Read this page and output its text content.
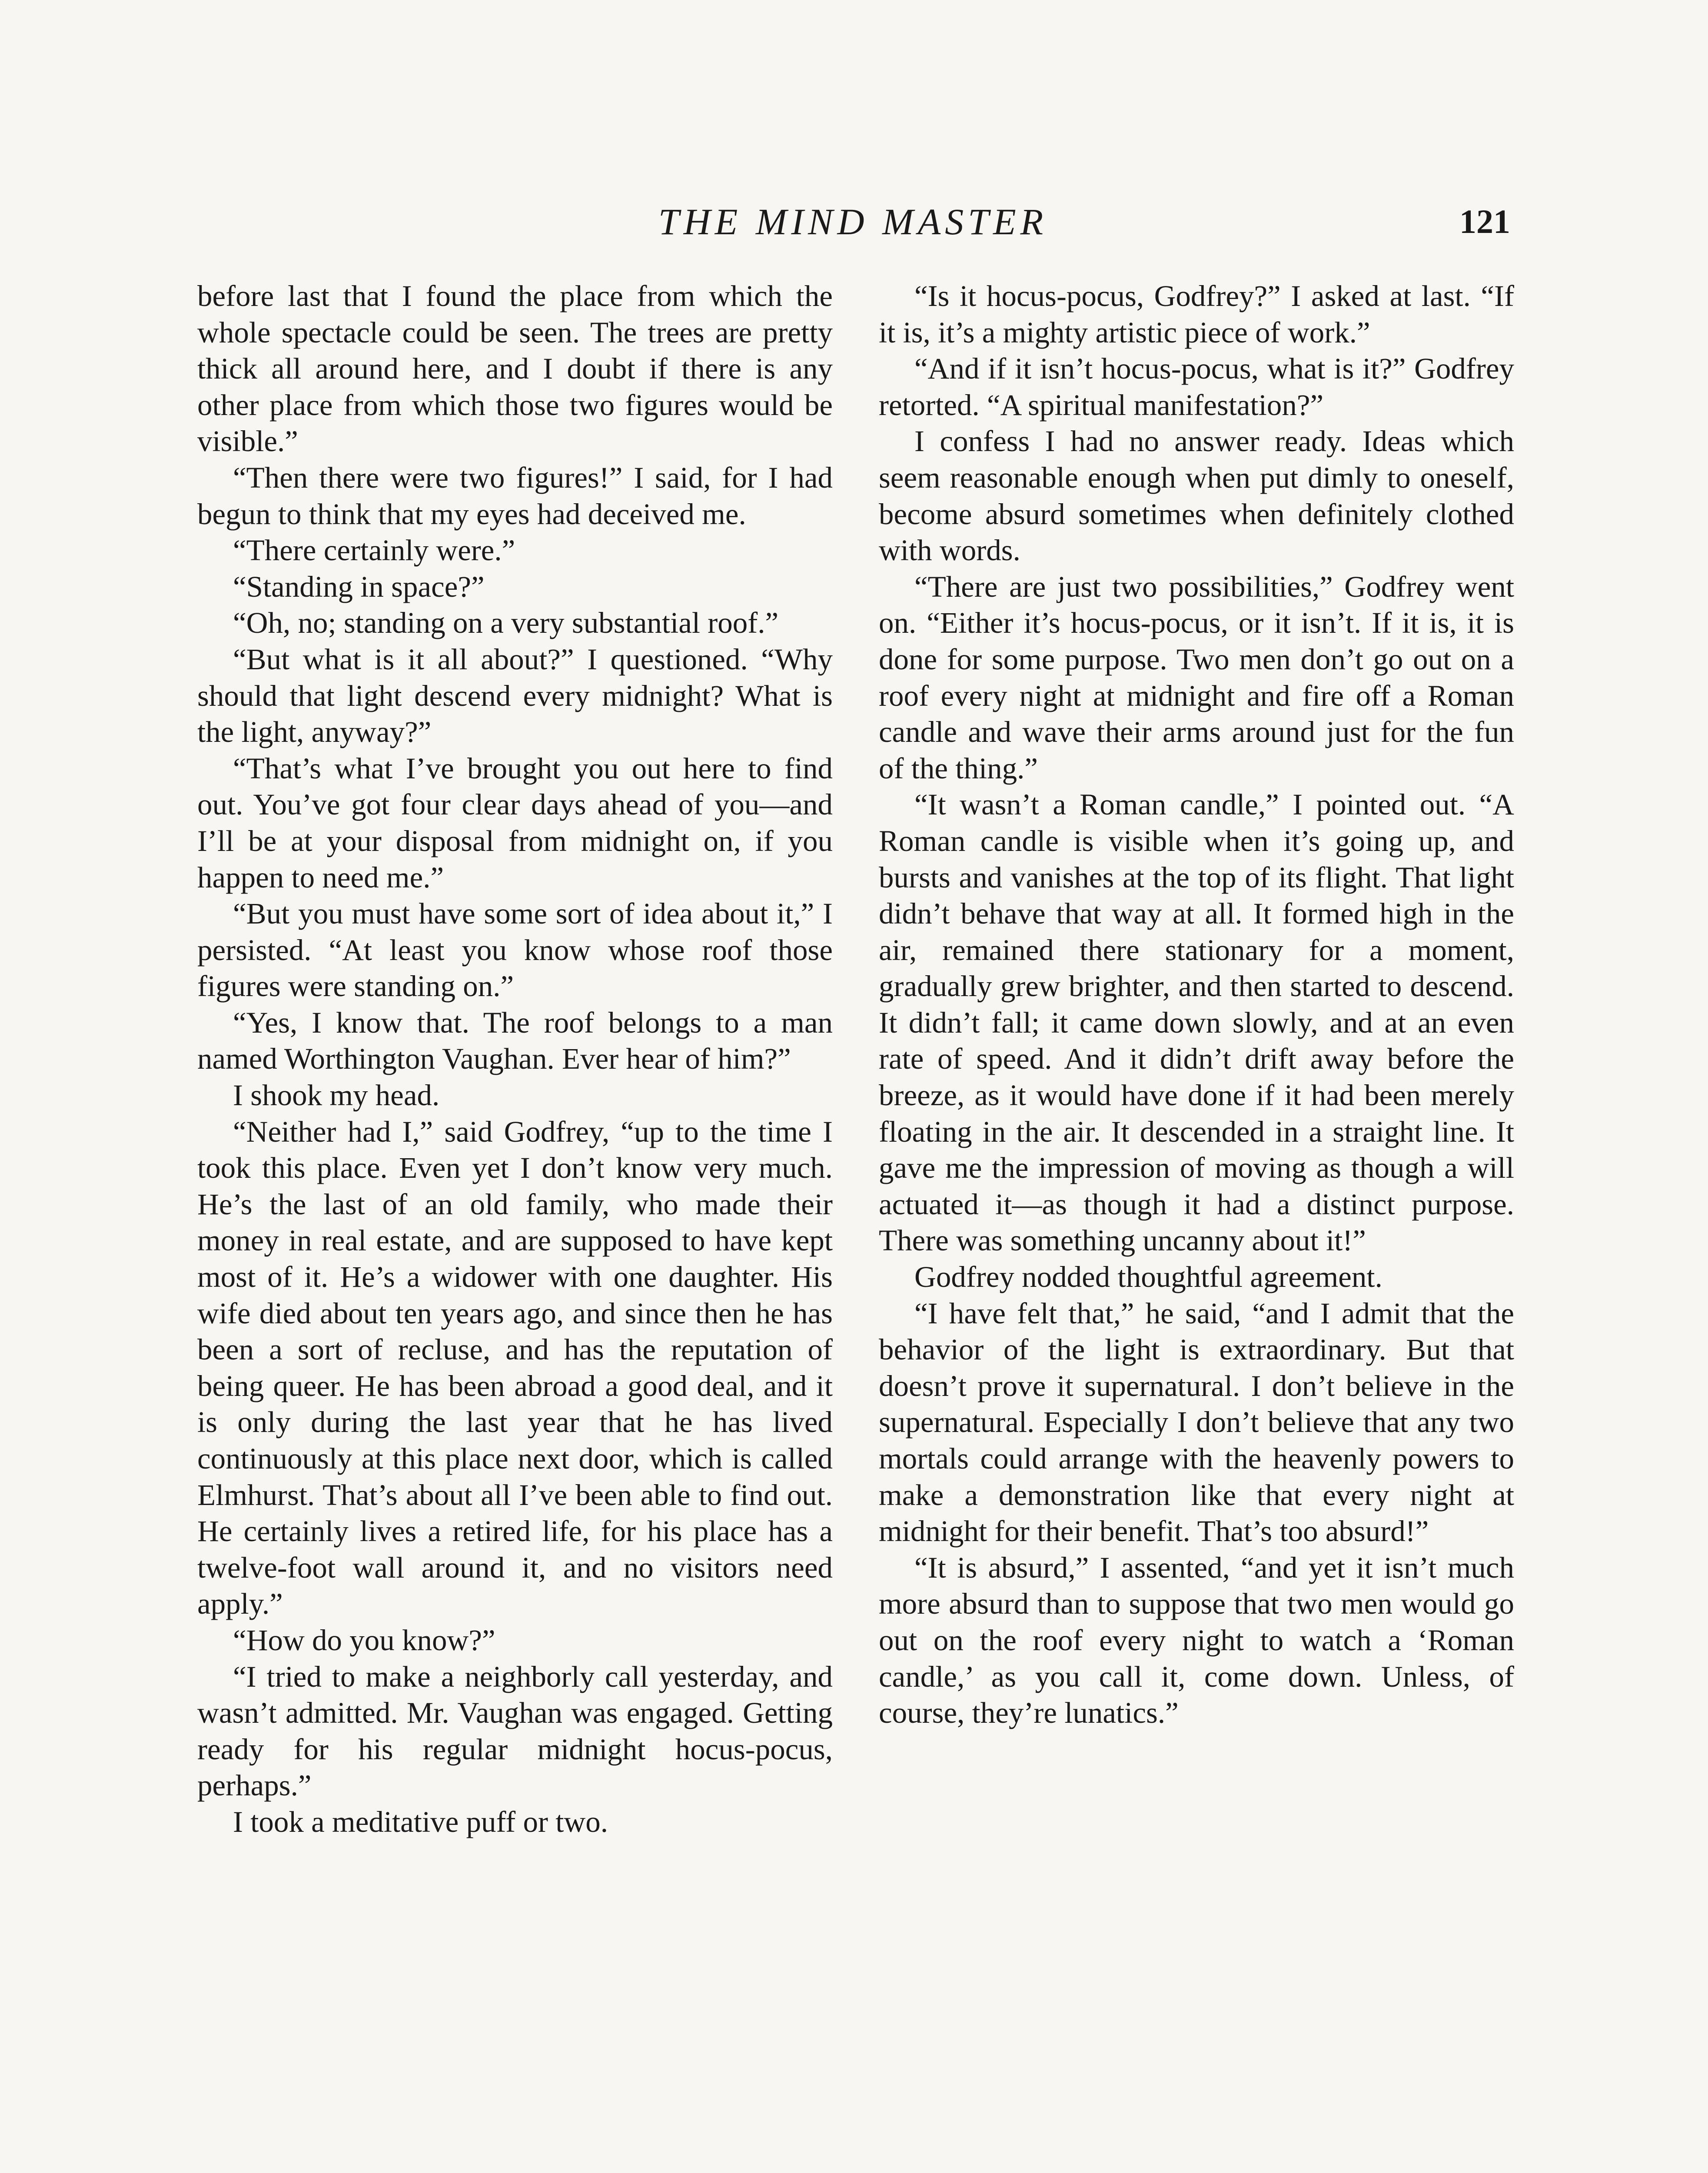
THE MIND MASTER	121

before last that I found the place from which the whole spectacle could be seen. The trees are pretty thick all around here, and I doubt if there is any other place from which those two figures would be visible.”

“Then there were two figures!” I said, for I had begun to think that my eyes had deceived me.

“There certainly were.”

“Standing in space?”

“Oh, no; standing on a very substantial roof.”

“But what is it all about?” I questioned. “Why should that light descend every midnight? What is the light, anyway?”

“That’s what I’ve brought you out here to find out. You’ve got four clear days ahead of you—and I’ll be at your disposal from midnight on, if you happen to need me.”

“But you must have some sort of idea about it,” I persisted. “At least you know whose roof those figures were standing on.”

“Yes, I know that. The roof belongs to a man named Worthington Vaughan. Ever hear of him?”

I shook my head.

“Neither had I,” said Godfrey, “up to the time I took this place. Even yet I don’t know very much. He’s the last of an old family, who made their money in real estate, and are supposed to have kept most of it. He’s a widower with one daughter. His wife died about ten years ago, and since then he has been a sort of recluse, and has the reputation of being queer. He has been abroad a good deal, and it is only during the last year that he has lived continuously at this place next door, which is called Elmhurst. That’s about all I’ve been able to find out. He certainly lives a retired life, for his place has a twelve-foot wall around it, and no visitors need apply.”

“How do you know?”

“I tried to make a neighborly call yesterday, and wasn’t admitted. Mr. Vaughan was engaged. Getting ready for his regular midnight hocus-pocus, perhaps.”

I took a meditative puff or two.

“Is it hocus-pocus, Godfrey?” I asked at last. “If it is, it’s a mighty artistic piece of work.”

“And if it isn’t hocus-pocus, what is it?” Godfrey retorted. “A spiritual manifestation?”

I confess I had no answer ready. Ideas which seem reasonable enough when put dimly to oneself, become absurd sometimes when definitely clothed with words.

“There are just two possibilities,” Godfrey went on. “Either it’s hocus-pocus, or it isn’t. If it is, it is done for some purpose. Two men don’t go out on a roof every night at midnight and fire off a Roman candle and wave their arms around just for the fun of the thing.”

“It wasn’t a Roman candle,” I pointed out. “A Roman candle is visible when it’s going up, and bursts and vanishes at the top of its flight. That light didn’t behave that way at all. It formed high in the air, remained there stationary for a moment, gradually grew brighter, and then started to descend. It didn’t fall; it came down slowly, and at an even rate of speed. And it didn’t drift away before the breeze, as it would have done if it had been merely floating in the air. It descended in a straight line. It gave me the impression of moving as though a will actuated it—as though it had a distinct purpose. There was something uncanny about it!”

Godfrey nodded thoughtful agreement.

“I have felt that,” he said, “and I admit that the behavior of the light is extraordinary. But that doesn’t prove it supernatural. I don’t believe in the supernatural. Especially I don’t believe that any two mortals could arrange with the heavenly powers to make a demonstration like that every night at midnight for their benefit. That’s too absurd!”

“It is absurd,” I assented, “and yet it isn’t much more absurd than to suppose that two men would go out on the roof every night to watch a ‘Roman candle,’ as you call it, come down. Unless, of course, they’re lunatics.”
